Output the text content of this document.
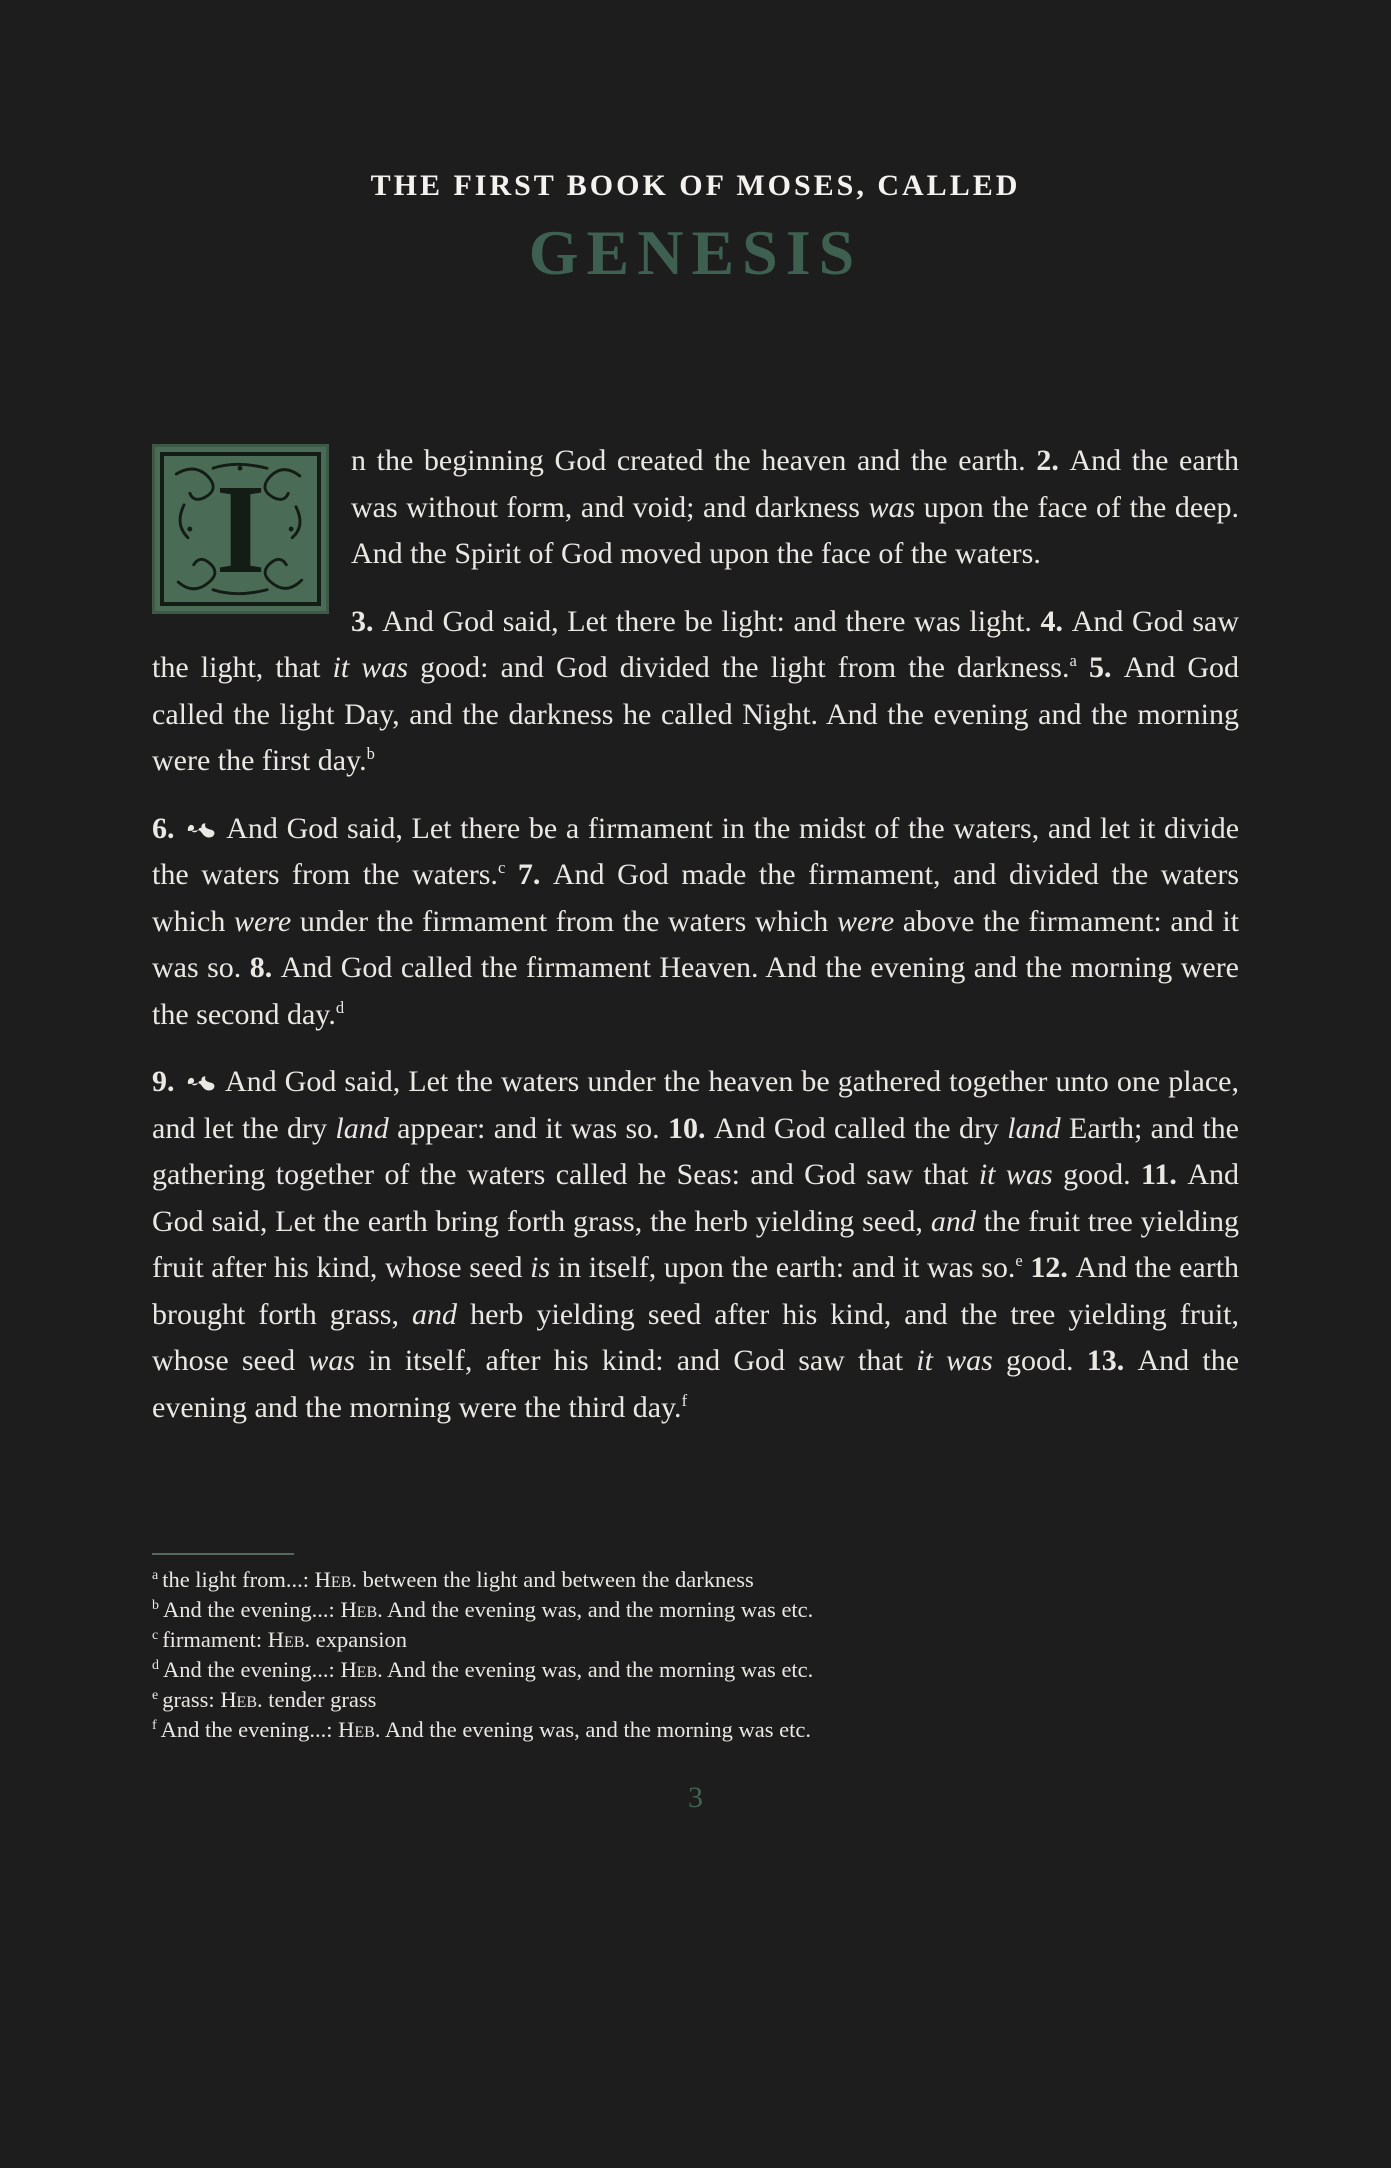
THE FIRST BOOK OF MOSES, CALLED
GENESIS

I	n the beginning God created the heaven and the earth. 2. And the earth was without form, and void; and darkness was upon the face of the deep. And the Spirit of God moved upon the face of the waters.

3. And God said, Let there be light: and there was light. 4. And God saw the light, that it was good: and God divided the light from the darkness.$^a$ 5. And God called the light Day, and the darkness he called Night. And the evening and the morning were the first day.$^b$

6.  And God said, Let there be a firmament in the midst of the waters, and let it divide the waters from the waters.$^c$ 7. And God made the firmament, and divided the waters which were under the firmament from the waters which were above the firmament: and it was so. 8. And God called the firmament Heaven. And the evening and the morning were the second day.$^d$

9.  And God said, Let the waters under the heaven be gathered together unto one place, and let the dry land appear: and it was so. 10. And God called the dry land Earth; and the gathering together of the waters called he Seas: and God saw that it was good. 11. And God said, Let the earth bring forth grass, the herb yielding seed, and the fruit tree yielding fruit after his kind, whose seed is in itself, upon the earth: and it was so.$^e$ 12. And the earth brought forth grass, and herb yielding seed after his kind, and the tree yielding fruit, whose seed was in itself, after his kind: and God saw that it was good. 13. And the evening and the morning were the third day.$^f$

$^a$ the light from...: Heb. between the light and between the darkness
$^b$ And the evening...: Heb. And the evening was, and the morning was etc.
$^c$ firmament: Heb. expansion
$^d$ And the evening...: Heb. And the evening was, and the morning was etc.
$^e$ grass: Heb. tender grass
$^f$ And the evening...: Heb. And the evening was, and the morning was etc.
3
